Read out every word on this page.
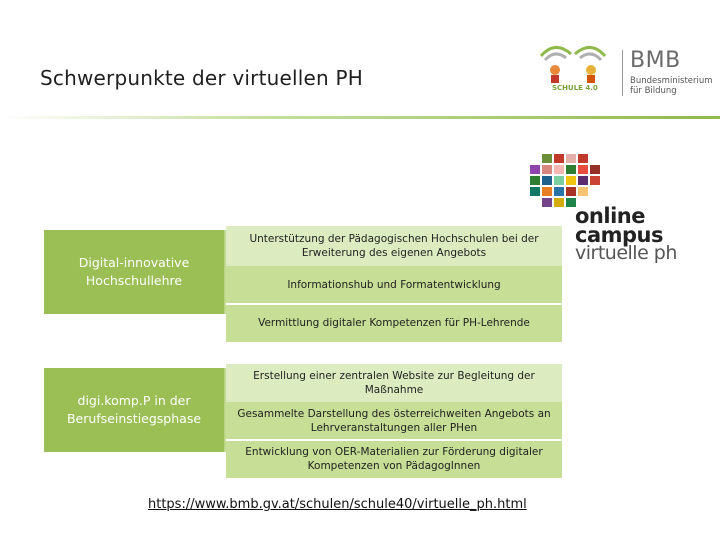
Schwerpunkte der virtuellen PH	SCHULE 4.0
BMB
Bundesministerium
für Bildung
online
campus
virtuelle ph
Digital-innovative Hochschullehre
Unterstützung der Pädagogischen Hochschulen bei der Erweiterung des eigenen Angebots
Informationshub und Formatentwicklung
Vermittlung digitaler Kompetenzen für PH-Lehrende
digi.komp.P in der Berufseinstiegsphase
Erstellung einer zentralen Website zur Begleitung der Maßnahme
Gesammelte Darstellung des österreichweiten Angebots an Lehrveranstaltungen aller PHen
Entwicklung von OER-Materialien zur Förderung digitaler Kompetenzen von PädagogInnen
https://www.bmb.gv.at/schulen/schule40/virtuelle_ph.html
